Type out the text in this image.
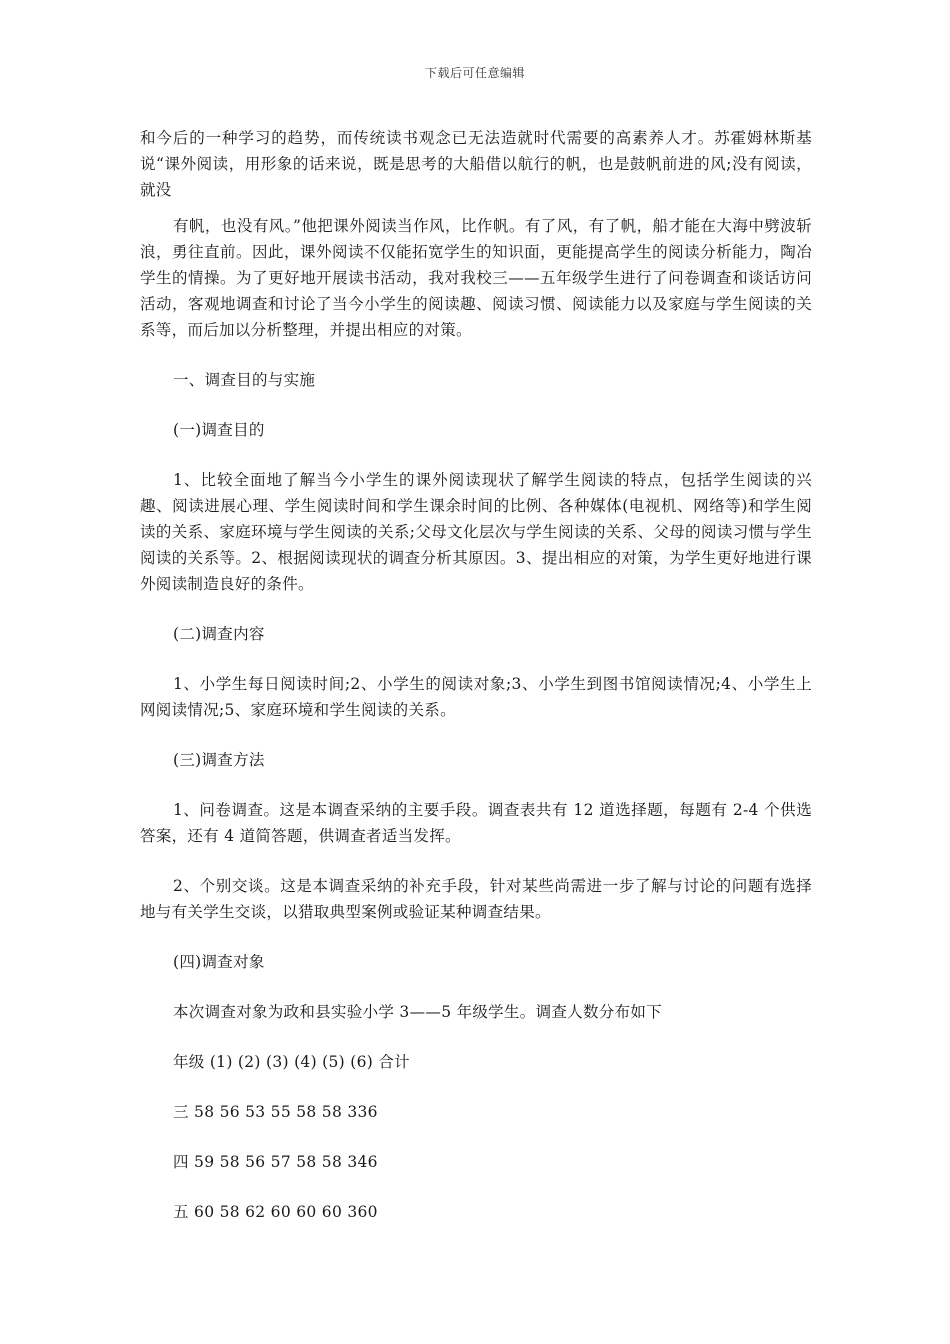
下载后可任意编辑

和今后的一种学习的趋势，而传统读书观念已无法造就时代需要的高素养人才。苏霍姆林斯基说“课外阅读，用形象的话来说，既是思考的大船借以航行的帆，也是鼓帆前进的风;没有阅读，就没

有帆，也没有风。”他把课外阅读当作风，比作帆。有了风，有了帆，船才能在大海中劈波斩浪，勇往直前。因此，课外阅读不仅能拓宽学生的知识面，更能提高学生的阅读分析能力，陶冶学生的情操。为了更好地开展读书活动，我对我校三——五年级学生进行了问卷调查和谈话访问活动，客观地调查和讨论了当今小学生的阅读趣、阅读习惯、阅读能力以及家庭与学生阅读的关系等，而后加以分析整理，并提出相应的对策。

一、调查目的与实施

(一)调查目的

1、比较全面地了解当今小学生的课外阅读现状了解学生阅读的特点，包括学生阅读的兴趣、阅读进展心理、学生阅读时间和学生课余时间的比例、各种媒体(电视机、网络等)和学生阅读的关系、家庭环境与学生阅读的关系;父母文化层次与学生阅读的关系、父母的阅读习惯与学生阅读的关系等。2、根据阅读现状的调查分析其原因。3、提出相应的对策，为学生更好地进行课外阅读制造良好的条件。

(二)调查内容

1、小学生每日阅读时间;2、小学生的阅读对象;3、小学生到图书馆阅读情况;4、小学生上网阅读情况;5、家庭环境和学生阅读的关系。

(三)调查方法

1、问卷调查。这是本调查采纳的主要手段。调查表共有 12 道选择题，每题有 2-4 个供选答案，还有 4 道简答题，供调查者适当发挥。

2、个别交谈。这是本调查采纳的补充手段，针对某些尚需进一步了解与讨论的问题有选择地与有关学生交谈，以猎取典型案例或验证某种调查结果。

(四)调查对象

本次调查对象为政和县实验小学 3——5 年级学生。调查人数分布如下

年级 (1) (2) (3) (4) (5) (6) 合计

三 58 56 53 55 58 58 336

四 59 58 56 57 58 58 346

五 60 58 62 60 60 60 360
